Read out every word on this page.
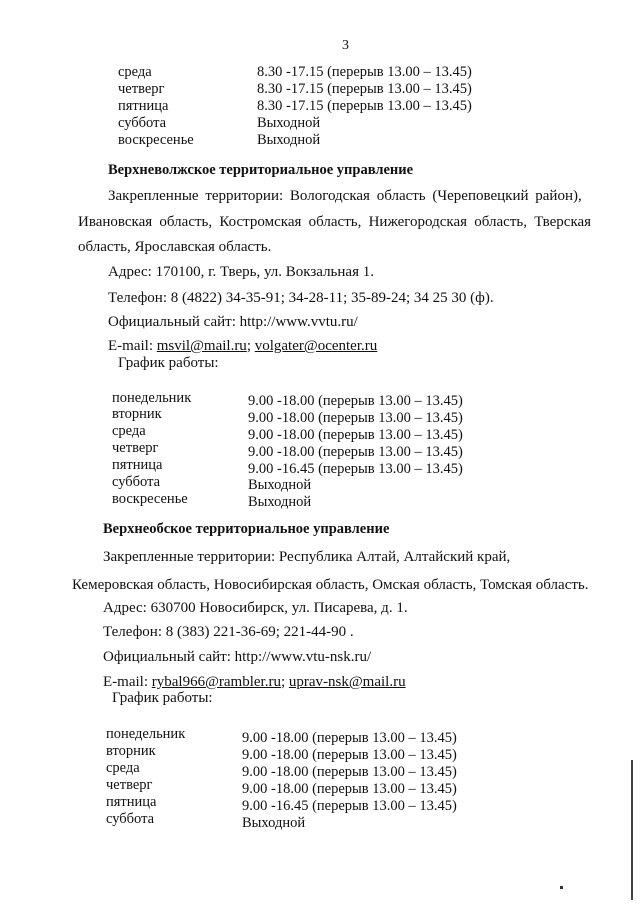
3
среда	8.30 -17.15 (перерыв 13.00 – 13.45)
четверг	8.30 -17.15 (перерыв 13.00 – 13.45)
пятница	8.30 -17.15 (перерыв 13.00 – 13.45)
суббота	Выходной
воскресенье	Выходной
Верхневолжское территориальное управление
Закрепленные территории: Вологодская область (Череповецкий район),
Ивановская область, Костромская область, Нижегородская область, Тверская
область, Ярославская область.
Адрес: 170100, г. Тверь, ул. Вокзальная 1.
Телефон: 8 (4822) 34-35-91; 34-28-11; 35-89-24; 34 25 30 (ф).
Официальный сайт: http://www.vvtu.ru/
E-mail: msvil@mail.ru; volgater@ocenter.ru
График работы:
понедельник	9.00 -18.00 (перерыв 13.00 – 13.45)
вторник	9.00 -18.00 (перерыв 13.00 – 13.45)
среда	9.00 -18.00 (перерыв 13.00 – 13.45)
четверг	9.00 -18.00 (перерыв 13.00 – 13.45)
пятница	9.00 -16.45 (перерыв 13.00 – 13.45)
суббота	Выходной
воскресенье	Выходной
Верхнеобское территориальное управление
Закрепленные территории: Республика Алтай, Алтайский край,
Кемеровская область, Новосибирская область, Омская область, Томская область.
Адрес: 630700 Новосибирск, ул. Писарева, д. 1.
Телефон: 8 (383) 221-36-69; 221-44-90 .
Официальный сайт: http://www.vtu-nsk.ru/
E-mail: rybal966@rambler.ru; uprav-nsk@mail.ru
График работы:
понедельник	9.00 -18.00 (перерыв 13.00 – 13.45)
вторник	9.00 -18.00 (перерыв 13.00 – 13.45)
среда	9.00 -18.00 (перерыв 13.00 – 13.45)
четверг	9.00 -18.00 (перерыв 13.00 – 13.45)
пятница	9.00 -16.45 (перерыв 13.00 – 13.45)
суббота	Выходной
